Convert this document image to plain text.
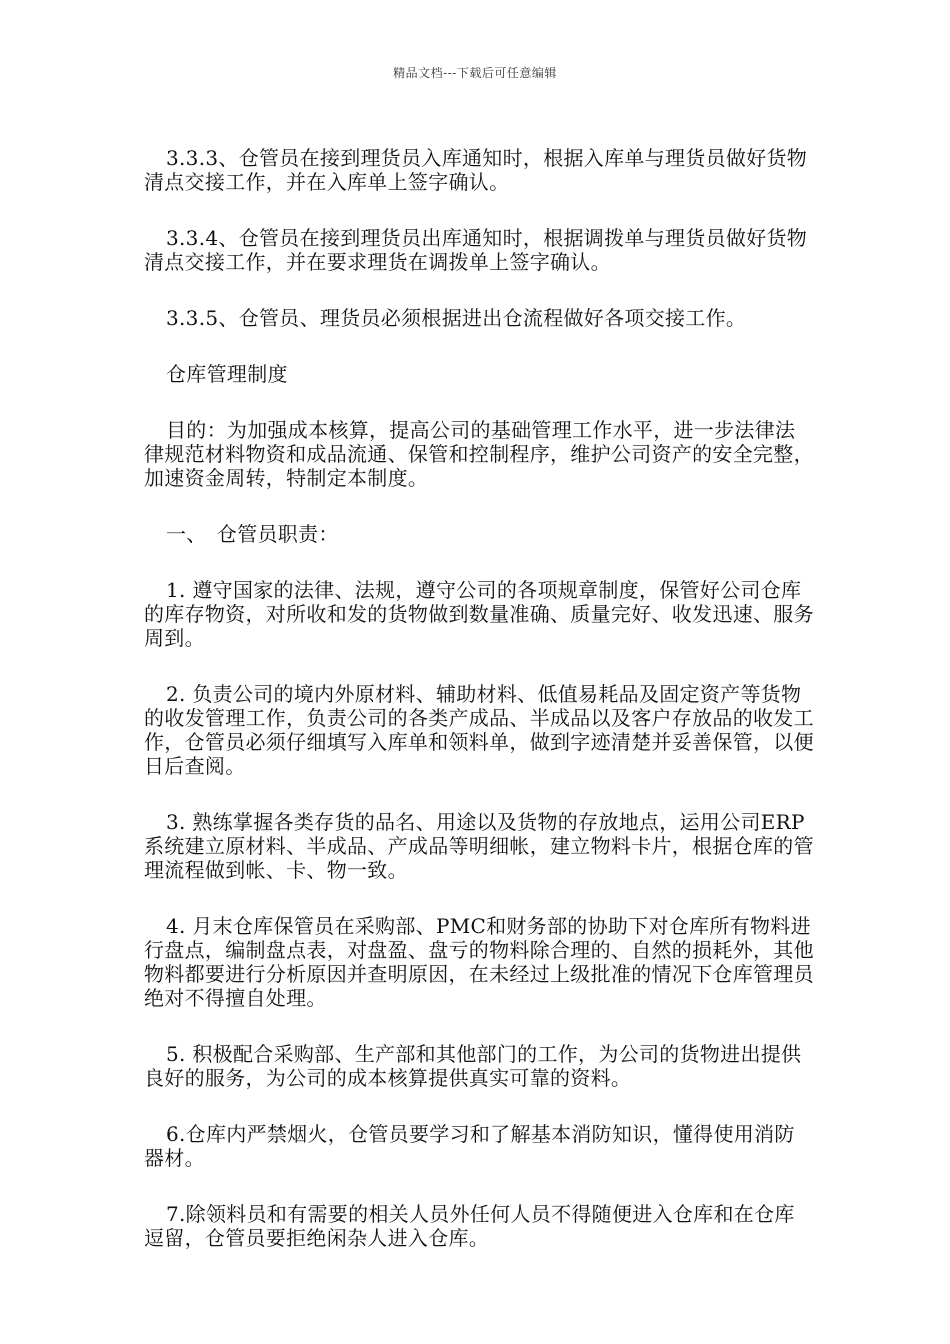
精品文档---下载后可任意编辑

3.3.3、仓管员在接到理货员入库通知时，根据入库单与理货员做好货物清点交接工作，并在入库单上签字确认。

3.3.4、仓管员在接到理货员出库通知时，根据调拨单与理货员做好货物清点交接工作，并在要求理货在调拨单上签字确认。

3.3.5、仓管员、理货员必须根据进出仓流程做好各项交接工作。

仓库管理制度

目的：为加强成本核算，提高公司的基础管理工作水平，进一步法律法律规范材料物资和成品流通、保管和控制程序，维护公司资产的安全完整，加速资金周转，特制定本制度。

一、　仓管员职责：

1. 遵守国家的法律、法规，遵守公司的各项规章制度，保管好公司仓库的库存物资，对所收和发的货物做到数量准确、质量完好、收发迅速、服务周到。

2. 负责公司的境内外原材料、辅助材料、低值易耗品及固定资产等货物的收发管理工作，负责公司的各类产成品、半成品以及客户存放品的收发工作，仓管员必须仔细填写入库单和领料单，做到字迹清楚并妥善保管，以便日后查阅。

3. 熟练掌握各类存货的品名、用途以及货物的存放地点，运用公司ERP系统建立原材料、半成品、产成品等明细帐，建立物料卡片，根据仓库的管理流程做到帐、卡、物一致。

4. 月末仓库保管员在采购部、PMC和财务部的协助下对仓库所有物料进行盘点，编制盘点表，对盘盈、盘亏的物料除合理的、自然的损耗外，其他物料都要进行分析原因并查明原因，在未经过上级批准的情况下仓库管理员绝对不得擅自处理。

5. 积极配合采购部、生产部和其他部门的工作，为公司的货物进出提供良好的服务，为公司的成本核算提供真实可靠的资料。

6.仓库内严禁烟火，仓管员要学习和了解基本消防知识，懂得使用消防器材。

7.除领料员和有需要的相关人员外任何人员不得随便进入仓库和在仓库逗留，仓管员要拒绝闲杂人进入仓库。
